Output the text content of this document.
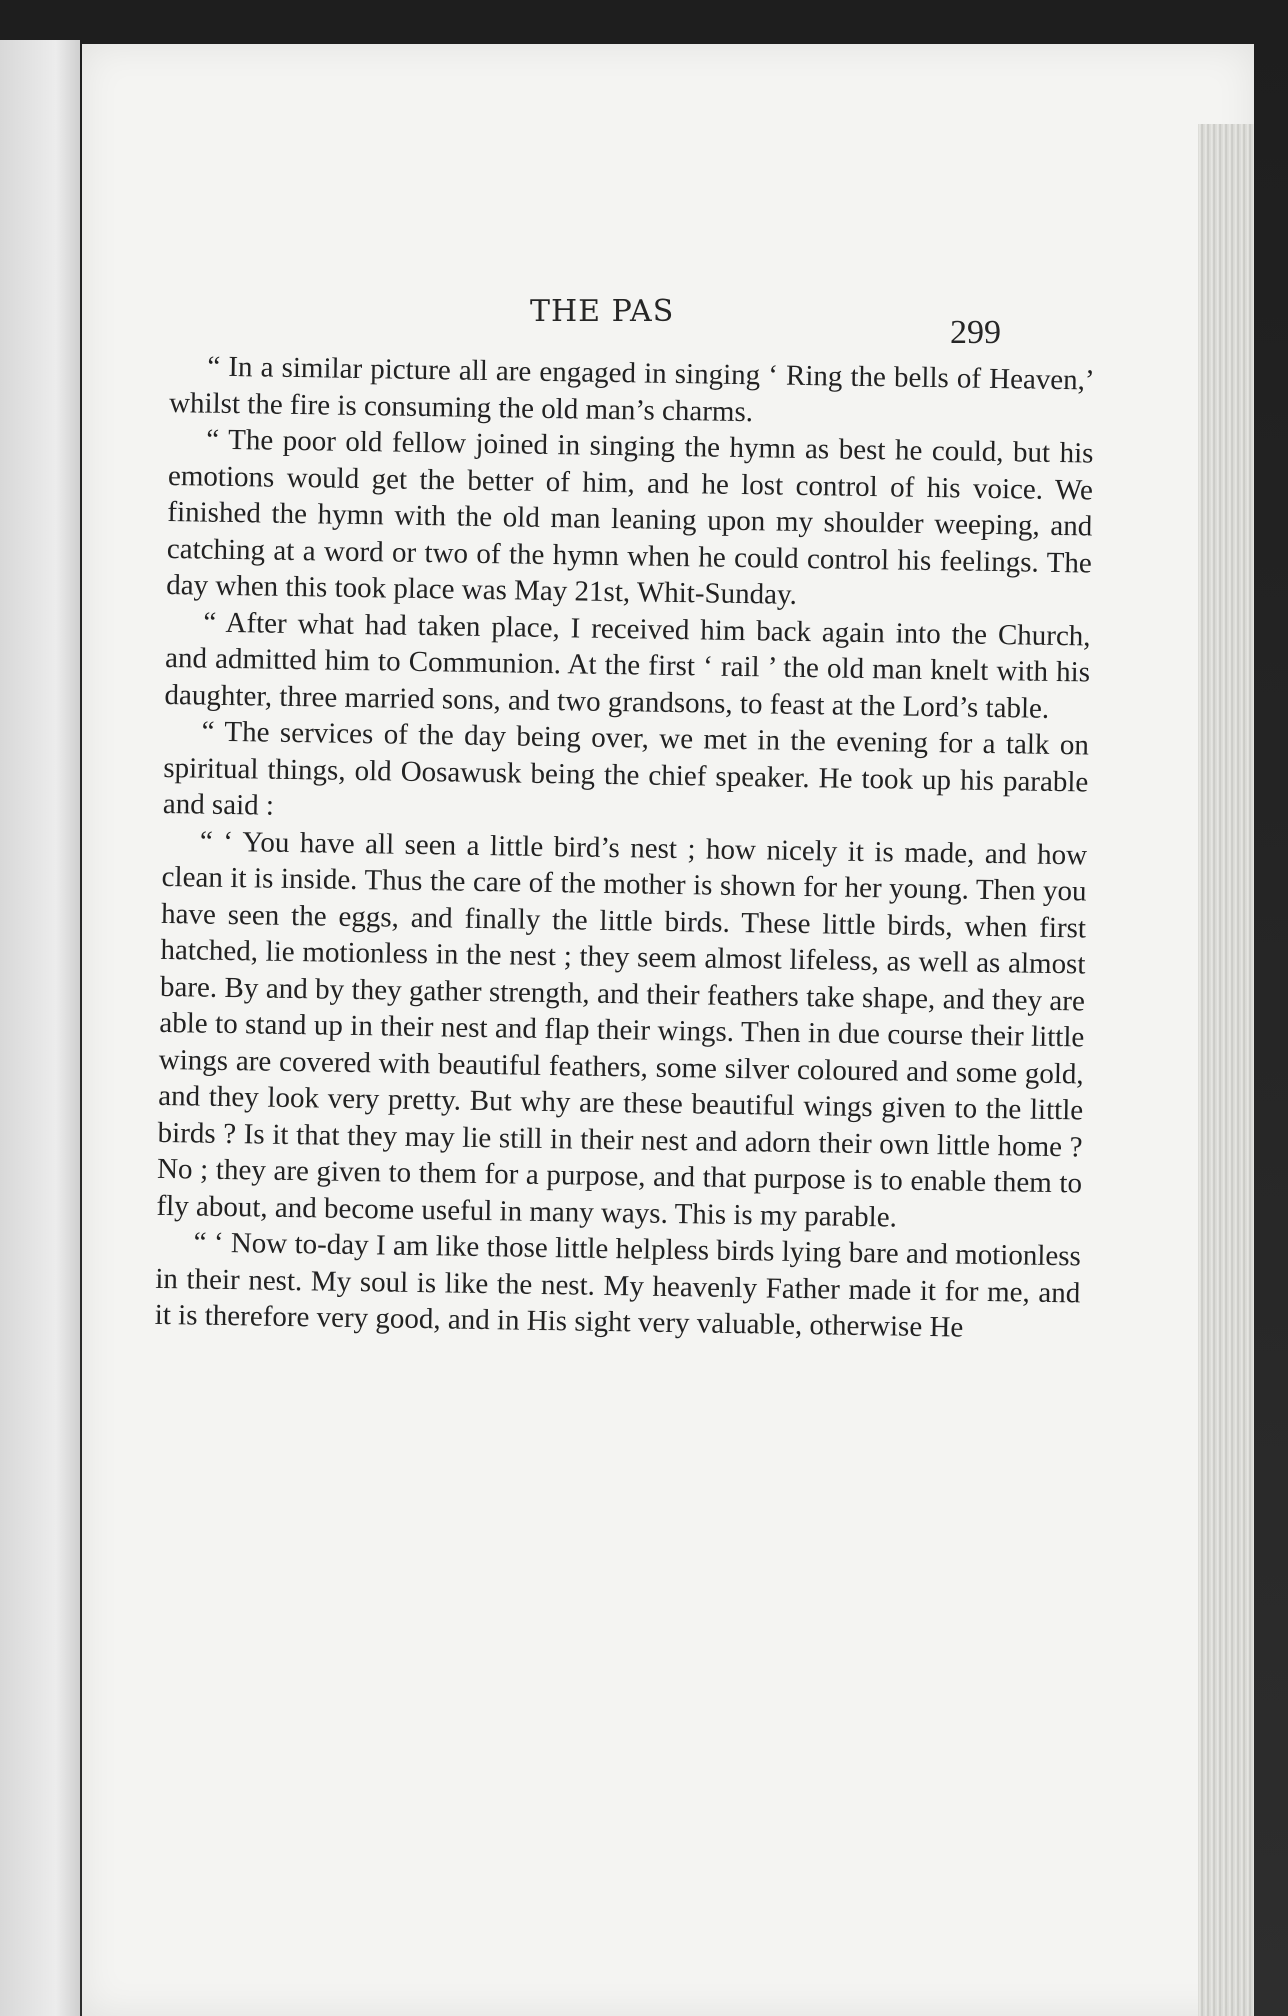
THE PAS
299

“ In a similar picture all are engaged in singing ‘ Ring the bells of Heaven,’ whilst the fire is consuming the old man’s charms.

“ The poor old fellow joined in singing the hymn as best he could, but his emotions would get the better of him, and he lost control of his voice. We finished the hymn with the old man leaning upon my shoulder weeping, and catching at a word or two of the hymn when he could control his feelings. The day when this took place was May 21st, Whit-Sunday.

“ After what had taken place, I received him back again into the Church, and admitted him to Communion. At the first ‘ rail ’ the old man knelt with his daughter, three married sons, and two grandsons, to feast at the Lord’s table.

“ The services of the day being over, we met in the evening for a talk on spiritual things, old Oosawusk being the chief speaker. He took up his parable and said :

“ ‘ You have all seen a little bird’s nest ; how nicely it is made, and how clean it is inside. Thus the care of the mother is shown for her young. Then you have seen the eggs, and finally the little birds. These little birds, when first hatched, lie motionless in the nest ; they seem almost lifeless, as well as almost bare. By and by they gather strength, and their feathers take shape, and they are able to stand up in their nest and flap their wings. Then in due course their little wings are covered with beautiful feathers, some silver coloured and some gold, and they look very pretty. But why are these beautiful wings given to the little birds ? Is it that they may lie still in their nest and adorn their own little home ? No ; they are given to them for a purpose, and that purpose is to enable them to fly about, and become useful in many ways. This is my parable.

“ ‘ Now to-day I am like those little helpless birds lying bare and motionless in their nest. My soul is like the nest. My heavenly Father made it for me, and it is therefore very good, and in His sight very valuable, otherwise He
